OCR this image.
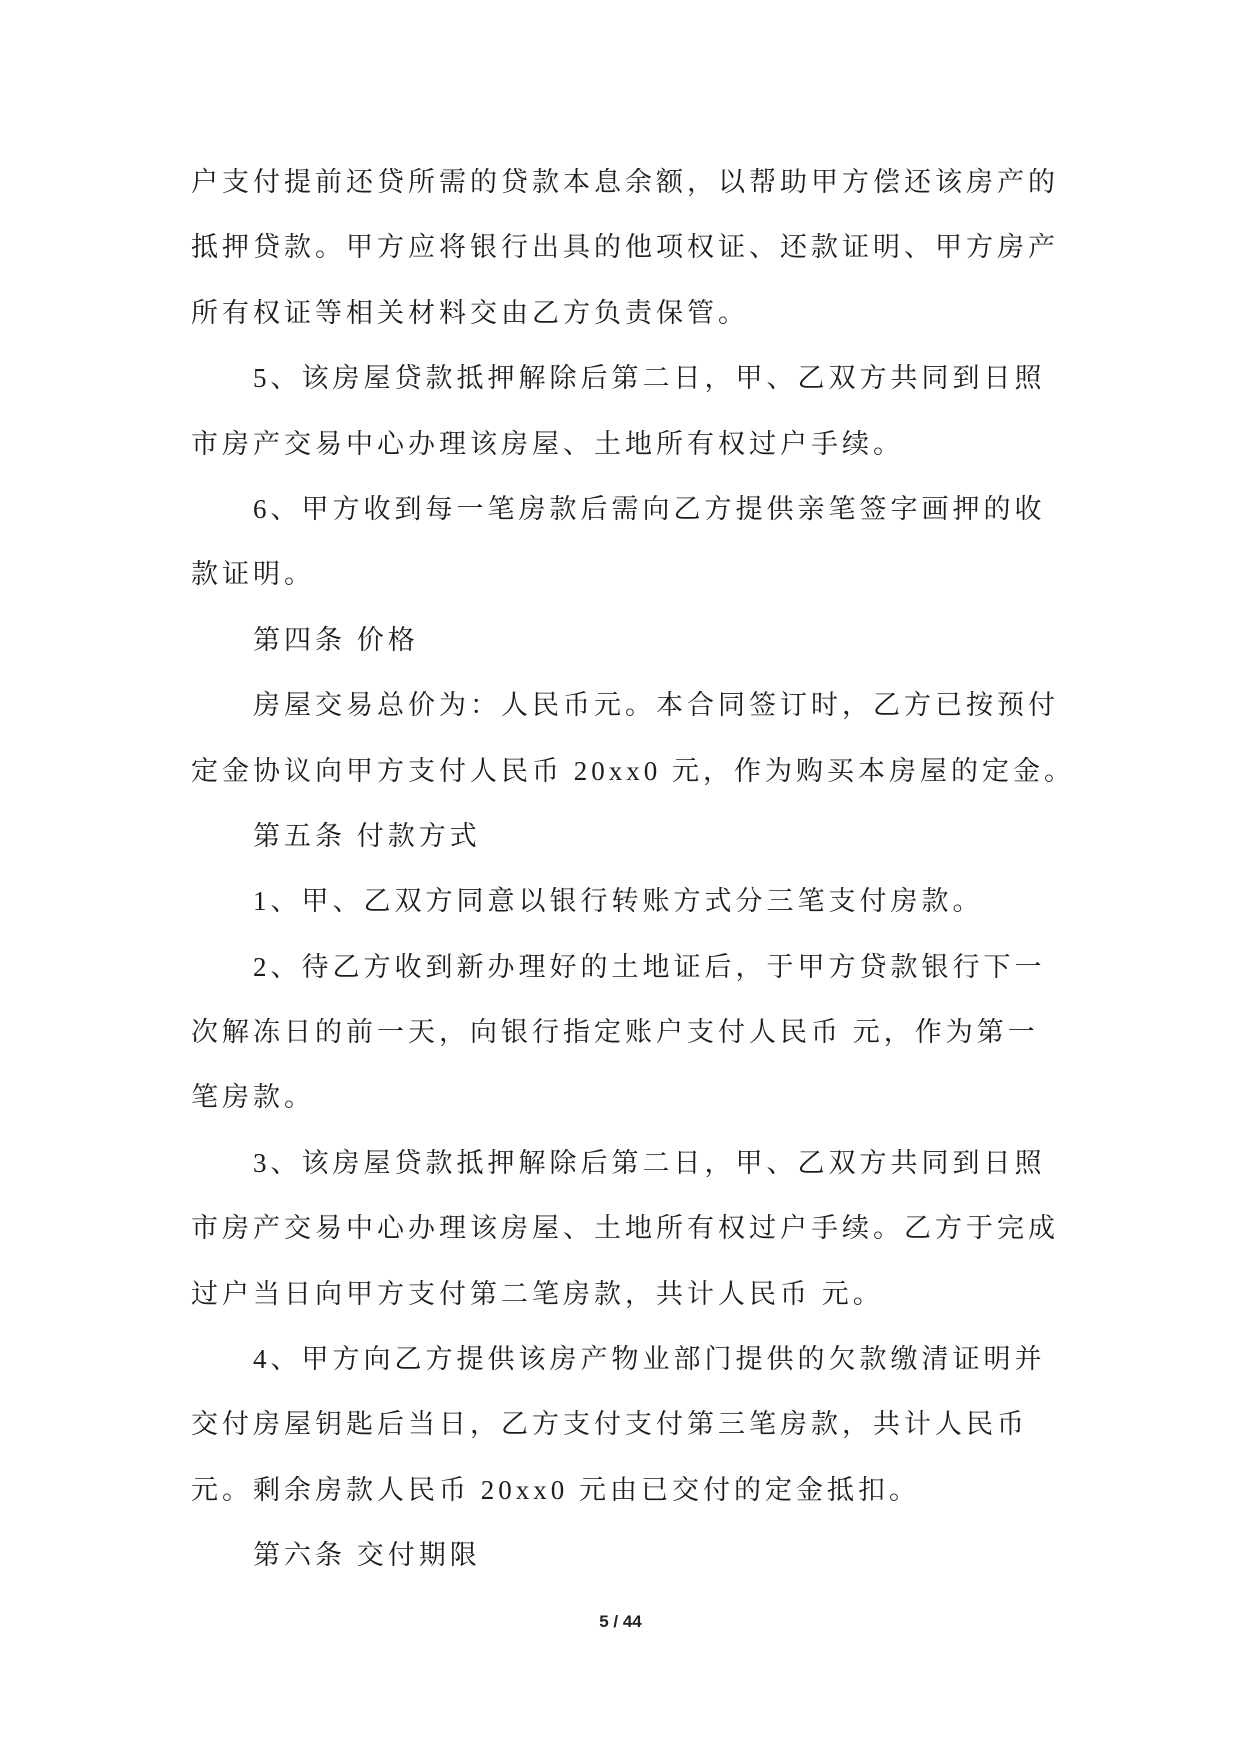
户支付提前还贷所需的贷款本息余额，以帮助甲方偿还该房产的
抵押贷款。甲方应将银行出具的他项权证、还款证明、甲方房产
所有权证等相关材料交由乙方负责保管。
5、该房屋贷款抵押解除后第二日，甲、乙双方共同到日照
市房产交易中心办理该房屋、土地所有权过户手续。
6、甲方收到每一笔房款后需向乙方提供亲笔签字画押的收
款证明。
第四条 价格
房屋交易总价为：人民币元。本合同签订时，乙方已按预付
定金协议向甲方支付人民币 20xx0 元，作为购买本房屋的定金。
第五条 付款方式
1、甲、乙双方同意以银行转账方式分三笔支付房款。
2、待乙方收到新办理好的土地证后，于甲方贷款银行下一
次解冻日的前一天，向银行指定账户支付人民币 元，作为第一
笔房款。
3、该房屋贷款抵押解除后第二日，甲、乙双方共同到日照
市房产交易中心办理该房屋、土地所有权过户手续。乙方于完成
过户当日向甲方支付第二笔房款，共计人民币 元。
4、甲方向乙方提供该房产物业部门提供的欠款缴清证明并
交付房屋钥匙后当日，乙方支付支付第三笔房款，共计人民币
元。剩余房款人民币 20xx0 元由已交付的定金抵扣。
第六条 交付期限
5 / 44
